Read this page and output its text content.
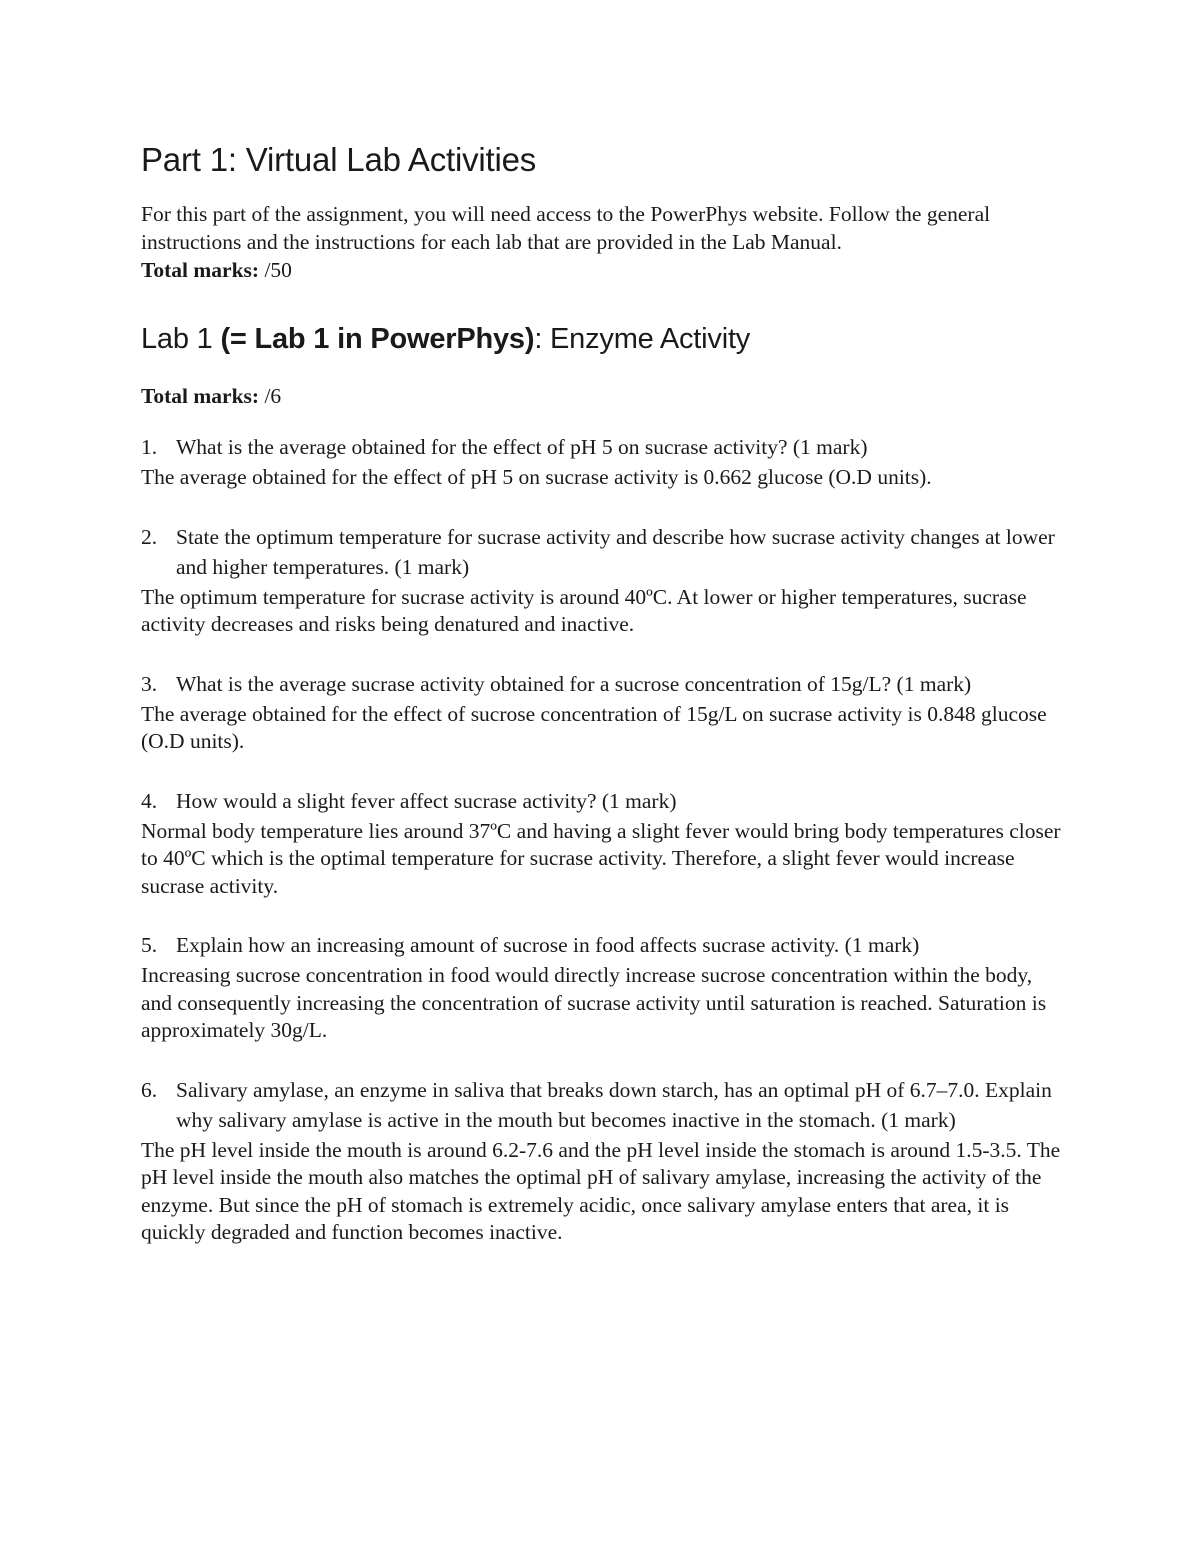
Part 1: Virtual Lab Activities

For this part of the assignment, you will need access to the PowerPhys website. Follow the general instructions and the instructions for each lab that are provided in the Lab Manual.

Total marks: /50

Lab 1 (= Lab 1 in PowerPhys): Enzyme Activity

Total marks: /6

1. What is the average obtained for the effect of pH 5 on sucrase activity? (1 mark)

The average obtained for the effect of pH 5 on sucrase activity is 0.662 glucose (O.D units).

2. State the optimum temperature for sucrase activity and describe how sucrase activity changes at lower and higher temperatures. (1 mark)

The optimum temperature for sucrase activity is around 40ºC. At lower or higher temperatures, sucrase activity decreases and risks being denatured and inactive.

3. What is the average sucrase activity obtained for a sucrose concentration of 15g/L? (1 mark)

The average obtained for the effect of sucrose concentration of 15g/L on sucrase activity is 0.848 glucose (O.D units).

4. How would a slight fever affect sucrase activity? (1 mark)

Normal body temperature lies around 37ºC and having a slight fever would bring body temperatures closer to 40ºC which is the optimal temperature for sucrase activity. Therefore, a slight fever would increase sucrase activity.

5. Explain how an increasing amount of sucrose in food affects sucrase activity. (1 mark)

Increasing sucrose concentration in food would directly increase sucrose concentration within the body, and consequently increasing the concentration of sucrase activity until saturation is reached. Saturation is approximately 30g/L.

6. Salivary amylase, an enzyme in saliva that breaks down starch, has an optimal pH of 6.7–7.0. Explain why salivary amylase is active in the mouth but becomes inactive in the stomach. (1 mark)

The pH level inside the mouth is around 6.2-7.6 and the pH level inside the stomach is around 1.5-3.5. The pH level inside the mouth also matches the optimal pH of salivary amylase, increasing the activity of the enzyme. But since the pH of stomach is extremely acidic, once salivary amylase enters that area, it is quickly degraded and function becomes inactive.
